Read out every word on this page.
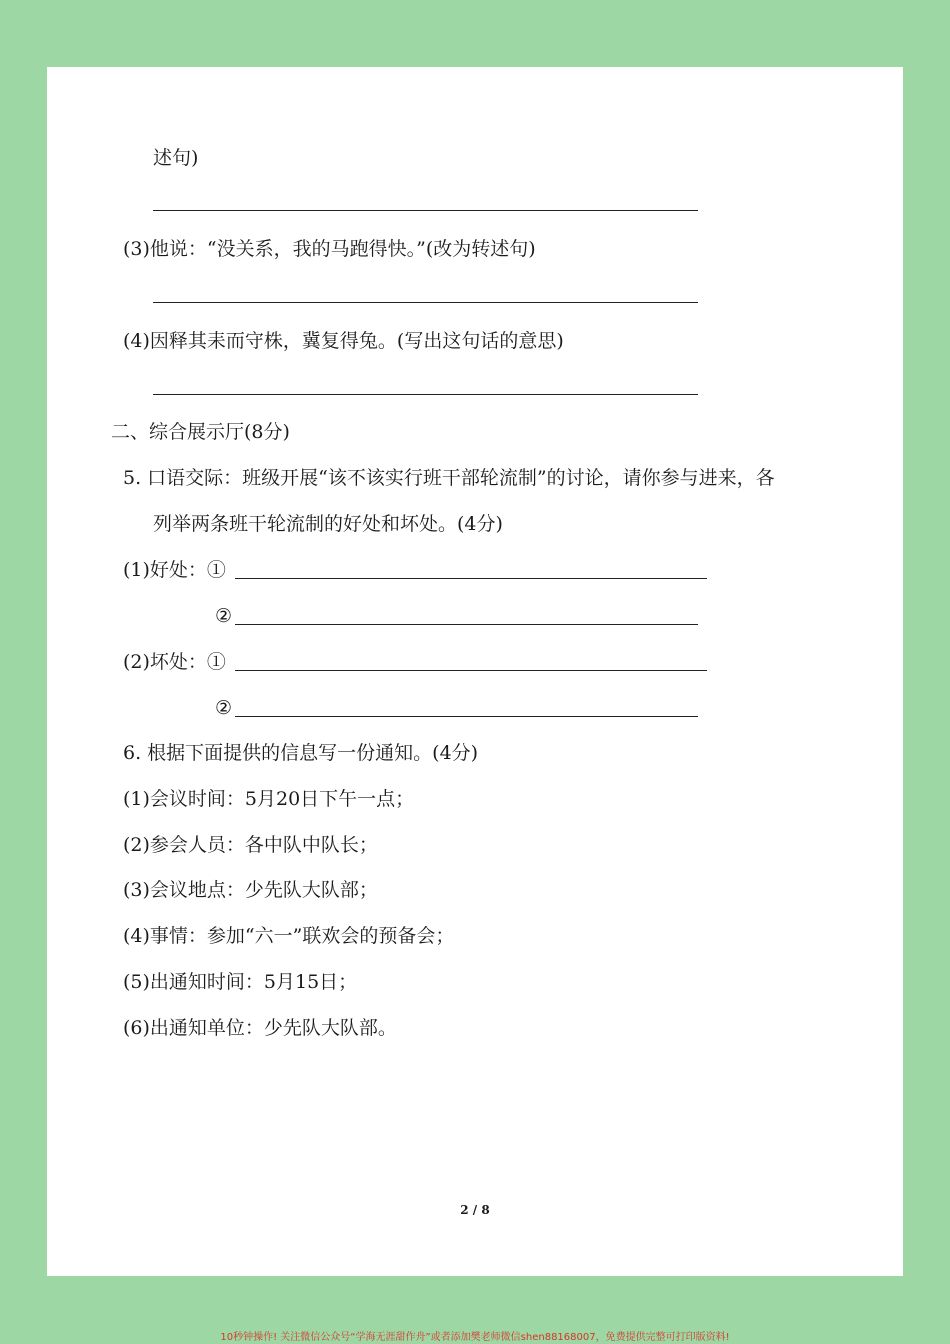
述句)
(3)他说：“没关系，我的马跑得快。”(改为转述句)
(4)因释其耒而守株，冀复得兔。(写出这句话的意思)
二、综合展示厅(8分)
5. 口语交际：班级开展“该不该实行班干部轮流制”的讨论，请你参与进来，各
列举两条班干轮流制的好处和坏处。(4分)
(1)好处：①
②
(2)坏处：①
②
6. 根据下面提供的信息写一份通知。(4分)
(1)会议时间：5月20日下午一点；
(2)参会人员：各中队中队长；
(3)会议地点：少先队大队部；
(4)事情：参加“六一”联欢会的预备会；
(5)出通知时间：5月15日；
(6)出通知单位：少先队大队部。
2 / 8
10秒钟操作! 关注微信公众号“学海无涯甜作舟”或者添加樊老师微信shen88168007，免费提供完整可打印版资料!
